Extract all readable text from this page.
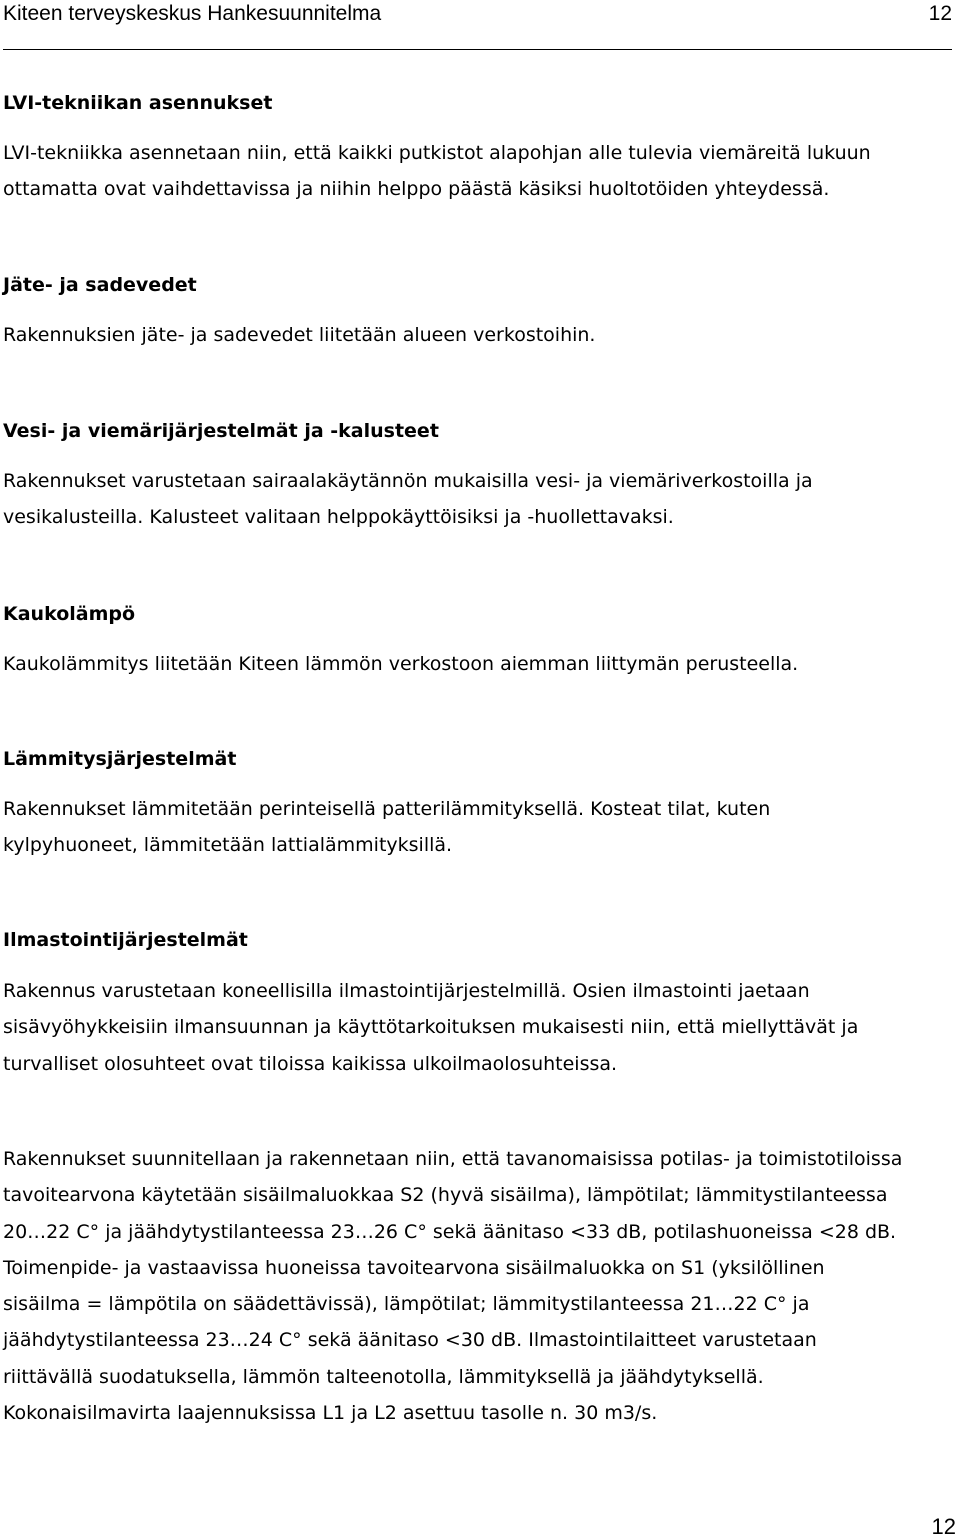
Kiteen terveyskeskus Hankesuunnitelma	12

LVI-tekniikan asennukset

LVI-tekniikka asennetaan niin, että kaikki putkistot alapohjan alle tulevia viemäreitä lukuun

ottamatta ovat vaihdettavissa ja niihin helppo päästä käsiksi huoltotöiden yhteydessä.

Jäte- ja sadevedet

Rakennuksien jäte- ja sadevedet liitetään alueen verkostoihin.

Vesi- ja viemärijärjestelmät ja -kalusteet

Rakennukset varustetaan sairaalakäytännön mukaisilla vesi- ja viemäriverkostoilla ja

vesikalusteilla. Kalusteet valitaan helppokäyttöisiksi ja -huollettavaksi.

Kaukolämpö

Kaukolämmitys liitetään Kiteen lämmön verkostoon aiemman liittymän perusteella.

Lämmitysjärjestelmät

Rakennukset lämmitetään perinteisellä patterilämmityksellä. Kosteat tilat, kuten

kylpyhuoneet, lämmitetään lattialämmityksillä.

Ilmastointijärjestelmät

Rakennus varustetaan koneellisilla ilmastointijärjestelmillä. Osien ilmastointi jaetaan

sisävyöhykkeisiin ilmansuunnan ja käyttötarkoituksen mukaisesti niin, että miellyttävät ja

turvalliset olosuhteet ovat tiloissa kaikissa ulkoilmaolosuhteissa.

Rakennukset suunnitellaan ja rakennetaan niin, että tavanomaisissa potilas- ja toimistotiloissa

tavoitearvona käytetään sisäilmaluokkaa S2 (hyvä sisäilma), lämpötilat; lämmitystilanteessa

20…22 C° ja jäähdytystilanteessa 23…26 C° sekä äänitaso <33 dB, potilashuoneissa <28 dB.

Toimenpide- ja vastaavissa huoneissa tavoitearvona sisäilmaluokka on S1 (yksilöllinen

sisäilma = lämpötila on säädettävissä), lämpötilat; lämmitystilanteessa 21…22 C° ja

jäähdytystilanteessa 23…24 C° sekä äänitaso <30 dB. Ilmastointilaitteet varustetaan

riittävällä suodatuksella, lämmön talteenotolla, lämmityksellä ja jäähdytyksellä.

Kokonaisilmavirta laajennuksissa L1 ja L2 asettuu tasolle n. 30 m3/s.

12
